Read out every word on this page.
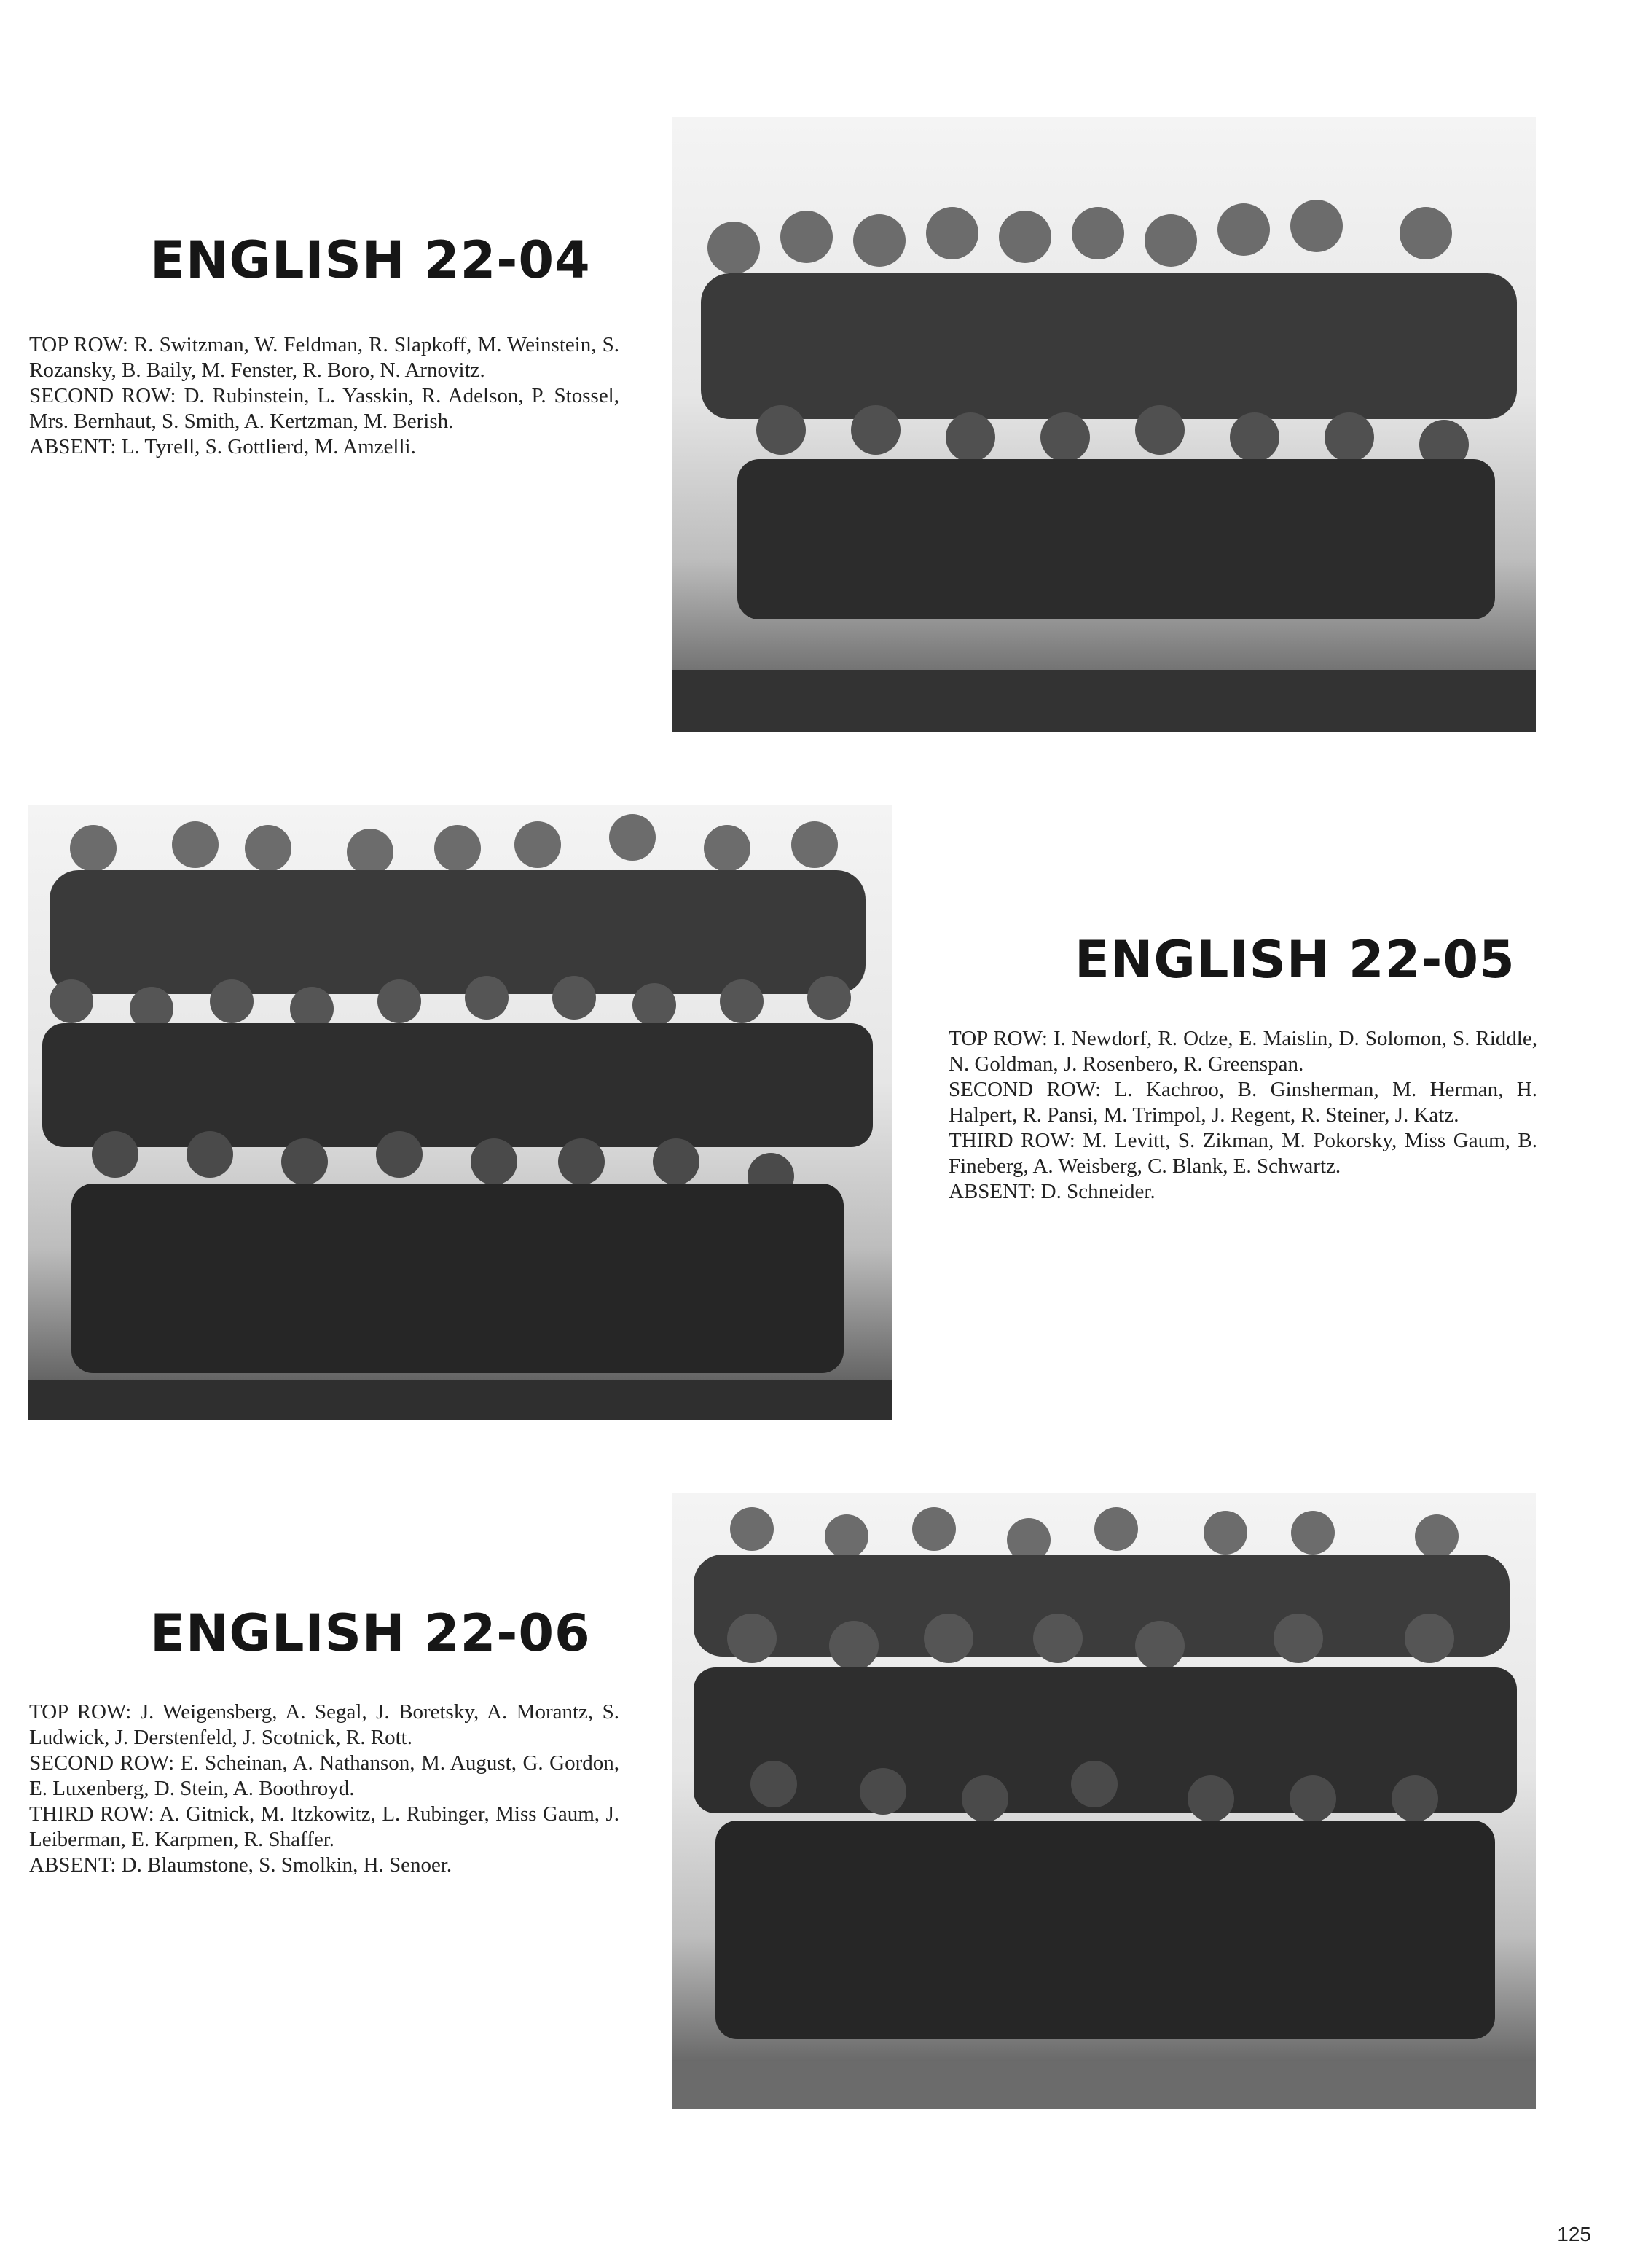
ENGLISH 22-04

TOP ROW: R. Switzman, W. Feldman, R. Slapkoff, M. Weinstein, S. Rozansky, B. Baily, M. Fenster, R. Boro, N. Arnovitz.

SECOND ROW: D. Rubinstein, L. Yasskin, R. Adelson, P. Stossel, Mrs. Bernhaut, S. Smith, A. Kertzman, M. Berish.

ABSENT: L. Tyrell, S. Gottlierd, M. Amzelli.

ENGLISH 22-05

TOP ROW: I. Newdorf, R. Odze, E. Maislin, D. Solomon, S. Riddle, N. Goldman, J. Rosenbero, R. Greenspan.

SECOND ROW: L. Kachroo, B. Ginsherman, M. Herman, H. Halpert, R. Pansi, M. Trimpol, J. Regent, R. Steiner, J. Katz.

THIRD ROW: M. Levitt, S. Zikman, M. Pokorsky, Miss Gaum, B. Fineberg, A. Weisberg, C. Blank, E. Schwartz.

ABSENT: D. Schneider.

ENGLISH 22-06

TOP ROW: J. Weigensberg, A. Segal, J. Boretsky, A. Morantz, S. Ludwick, J. Derstenfeld, J. Scotnick, R. Rott.

SECOND ROW: E. Scheinan, A. Nathanson, M. August, G. Gordon, E. Luxenberg, D. Stein, A. Boothroyd.

THIRD ROW: A. Gitnick, M. Itzkowitz, L. Rubinger, Miss Gaum, J. Leiberman, E. Karpmen, R. Shaffer.

ABSENT: D. Blaumstone, S. Smolkin, H. Senoer.

125
